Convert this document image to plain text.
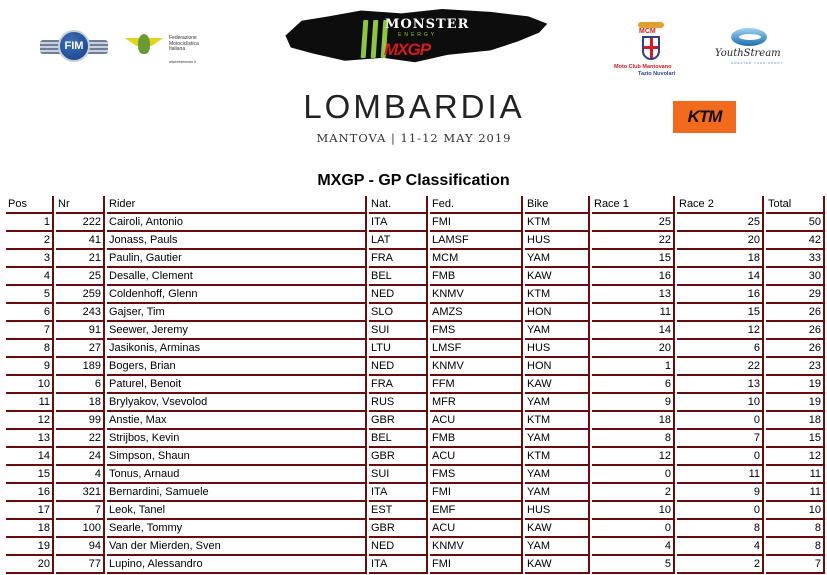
FIM
Federazione
Motociclistica
Italiana
www.federmoto.it
MONSTER
ENERGY
MXGP
LOMBARDIA
MANTOVA | 11-12 MAY 2019
MCM
Moto Club Mantovano
Tazio Nuvolari
YouthStream
GREATER THAN SPORT
KTM
MXGP - GP Classification
Pos	Nr	Rider	Nat.	Fed.	Bike	Race 1	Race 2	Total
1	222	Cairoli, Antonio	ITA	FMI	KTM	25	25	50
2	41	Jonass, Pauls	LAT	LAMSF	HUS	22	20	42
3	21	Paulin, Gautier	FRA	MCM	YAM	15	18	33
4	25	Desalle, Clement	BEL	FMB	KAW	16	14	30
5	259	Coldenhoff, Glenn	NED	KNMV	KTM	13	16	29
6	243	Gajser, Tim	SLO	AMZS	HON	11	15	26
7	91	Seewer, Jeremy	SUI	FMS	YAM	14	12	26
8	27	Jasikonis, Arminas	LTU	LMSF	HUS	20	6	26
9	189	Bogers, Brian	NED	KNMV	HON	1	22	23
10	6	Paturel, Benoit	FRA	FFM	KAW	6	13	19
11	18	Brylyakov, Vsevolod	RUS	MFR	YAM	9	10	19
12	99	Anstie, Max	GBR	ACU	KTM	18	0	18
13	22	Strijbos, Kevin	BEL	FMB	YAM	8	7	15
14	24	Simpson, Shaun	GBR	ACU	KTM	12	0	12
15	4	Tonus, Arnaud	SUI	FMS	YAM	0	11	11
16	321	Bernardini, Samuele	ITA	FMI	YAM	2	9	11
17	7	Leok, Tanel	EST	EMF	HUS	10	0	10
18	100	Searle, Tommy	GBR	ACU	KAW	0	8	8
19	94	Van der Mierden, Sven	NED	KNMV	YAM	4	4	8
20	77	Lupino, Alessandro	ITA	FMI	KAW	5	2	7
